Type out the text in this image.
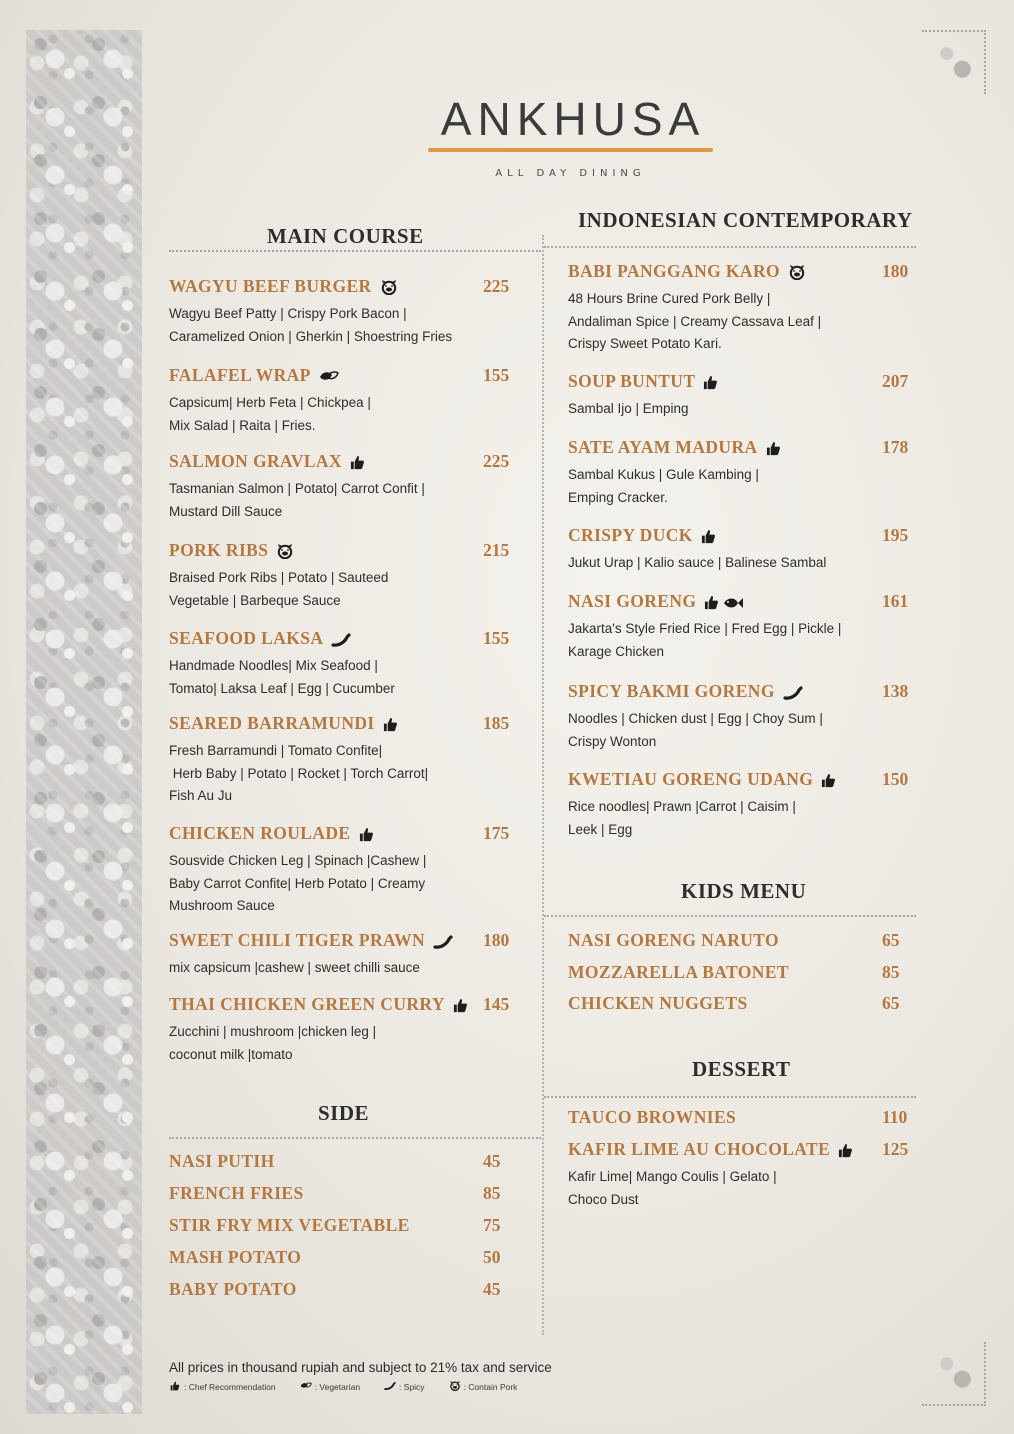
ANKHUSA
ALL DAY DINING
MAIN COURSE
INDONESIAN CONTEMPORARY
SIDE
KIDS MENU
DESSERT
WAGYU BEEF BURGER	225
Wagyu Beef Patty | Crispy Pork Bacon |
Caramelized Onion | Gherkin | Shoestring Fries
FALAFEL WRAP	155
Capsicum| Herb Feta | Chickpea |
Mix Salad | Raita | Fries.
SALMON GRAVLAX	225
Tasmanian Salmon | Potato| Carrot Confit |
Mustard Dill Sauce
PORK RIBS	215
Braised Pork Ribs | Potato | Sauteed
Vegetable | Barbeque Sauce
SEAFOOD LAKSA	155
Handmade Noodles| Mix Seafood |
Tomato| Laksa Leaf | Egg | Cucumber
SEARED BARRAMUNDI	185
Fresh Barramundi | Tomato Confite|
Herb Baby | Potato | Rocket | Torch Carrot|
Fish Au Ju
CHICKEN ROULADE	175
Sousvide Chicken Leg | Spinach |Cashew |
Baby Carrot Confite| Herb Potato | Creamy
Mushroom Sauce
SWEET CHILI TIGER PRAWN	180
mix capsicum |cashew | sweet chilli sauce
THAI CHICKEN GREEN CURRY	145
Zucchini | mushroom |chicken leg |
coconut milk |tomato
NASI PUTIH	45
FRENCH FRIES	85
STIR FRY MIX VEGETABLE	75
MASH POTATO	50
BABY POTATO	45
BABI PANGGANG KARO	180
48 Hours Brine Cured Pork Belly |
Andaliman Spice | Creamy Cassava Leaf |
Crispy Sweet Potato Kari.
SOUP BUNTUT	207
Sambal Ijo | Emping
SATE AYAM MADURA	178
Sambal Kukus | Gule Kambing |
Emping Cracker.
CRISPY DUCK	195
Jukut Urap | Kalio sauce | Balinese Sambal
NASI GORENG	161
Jakarta's Style Fried Rice | Fred Egg | Pickle |
Karage Chicken
SPICY BAKMI GORENG	138
Noodles | Chicken dust | Egg | Choy Sum |
Crispy Wonton
KWETIAU GORENG UDANG	150
Rice noodles| Prawn |Carrot | Caisim |
Leek | Egg
NASI GORENG NARUTO	65
MOZZARELLA BATONET	85
CHICKEN NUGGETS	65
TAUCO BROWNIES	110
KAFIR LIME AU CHOCOLATE	125
Kafir Lime| Mango Coulis | Gelato |
Choco Dust
All prices in thousand rupiah and subject to 21% tax and service
: Chef Recommendation	: Vegetarian	: Spicy	: Contain Pork
